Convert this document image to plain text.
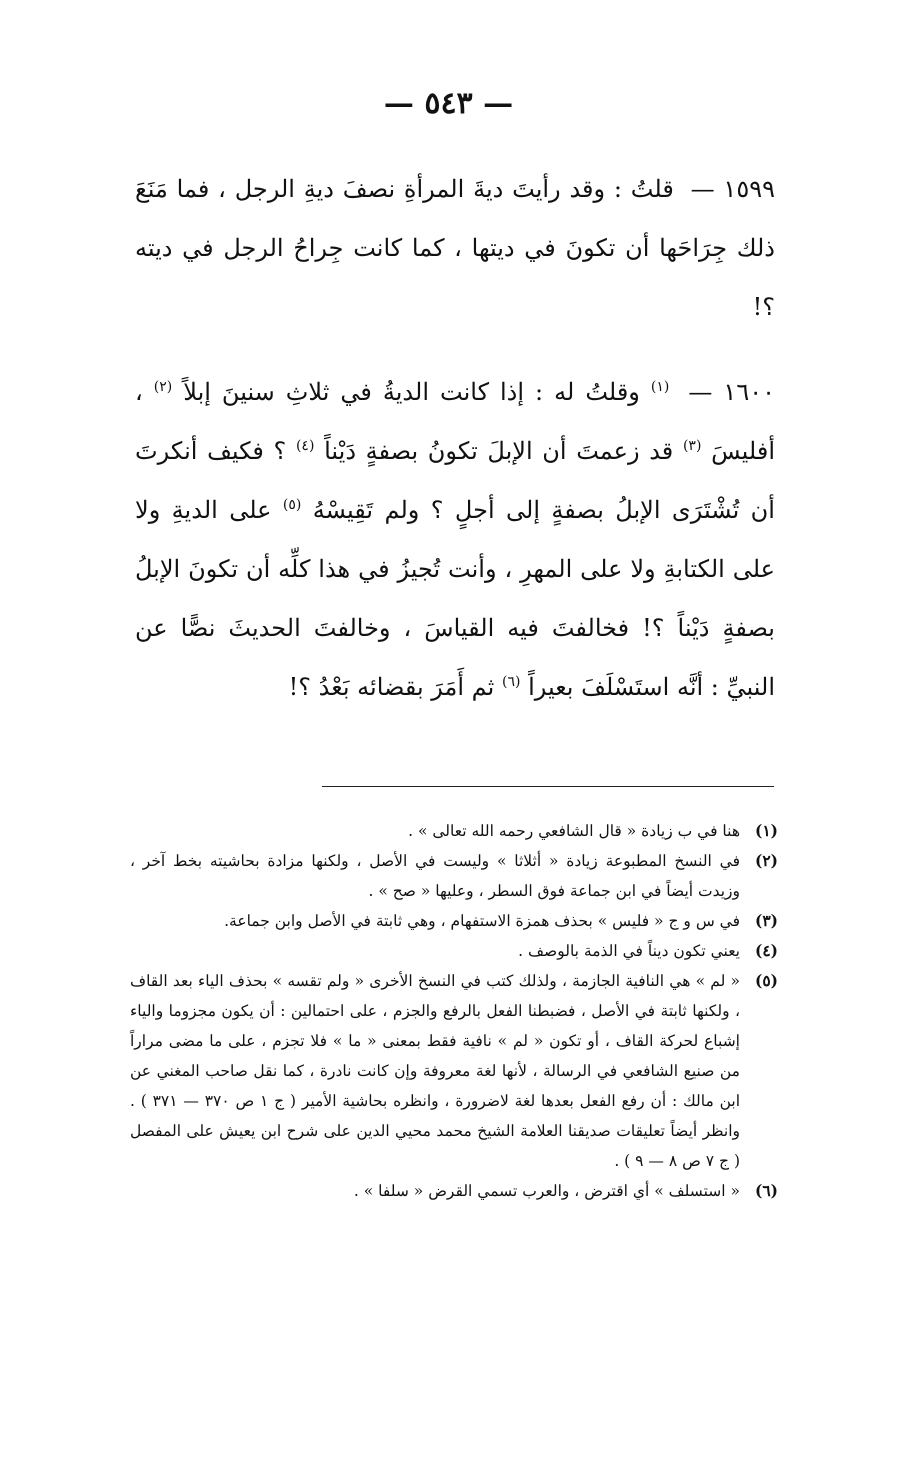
— ٥٤٣ —

١٥٩٩ — قلتُ : وقد رأيتَ ديةَ المرأةِ نصفَ ديةِ الرجل ، فما مَنَعَ ذلك جِرَاحَها أن تكونَ في ديتها ، كما كانت جِراحُ الرجل في ديته ؟!

١٦٠٠ — $^{(١)}$ وقلتُ له : إذا كانت الديةُ في ثلاثِ سنينَ إبلاً $^{(٢)}$ ، أفليسَ $^{(٣)}$ قد زعمتَ أن الإبلَ تكونُ بصفةٍ دَيْناً $^{(٤)}$ ؟ فكيف أنكرتَ أن تُشْتَرَى الإبلُ بصفةٍ إلى أجلٍ ؟ ولم تَقِيسْهُ $^{(٥)}$ على الديةِ ولا على الكتابةِ ولا على المهرِ ، وأنت تُجيزُ في هذا كلِّه أن تكونَ الإبلُ بصفةٍ دَيْناً ؟! فخالفتَ فيه القياسَ ، وخالفتَ الحديثَ نصًّا عن النبيِّ : أنَّه استَسْلَفَ بعيراً $^{(٦)}$ ثم أَمَرَ بقضائه بَعْدُ ؟!

(١)
هنا في ب زيادة « قال الشافعي رحمه الله تعالى » .
(٢)
في النسخ المطبوعة زيادة « أثلاثا » وليست في الأصل ، ولكنها مزادة بحاشيته بخط آخر ، وزيدت أيضاً في ابن جماعة فوق السطر ، وعليها « صح » .
(٣)
في س و ج « فليس » بحذف همزة الاستفهام ، وهي ثابتة في الأصل وابن جماعة.
(٤)
يعني تكون ديناً في الذمة بالوصف .
(٥)
« لم » هي النافية الجازمة ، ولذلك كتب في النسخ الأخرى « ولم تقسه » بحذف الياء بعد القاف ، ولكنها ثابتة في الأصل ، فضبطنا الفعل بالرفع والجزم ، على احتمالين : أن يكون مجزوما والياء إشباع لحركة القاف ، أو تكون « لم » نافية فقط بمعنى « ما » فلا تجزم ، على ما مضى مراراً من صنيع الشافعي في الرسالة ، لأنها لغة معروفة وإن كانت نادرة ، كما نقل صاحب المغني عن ابن مالك : أن رفع الفعل بعدها لغة لاضرورة ، وانظره بحاشية الأمير ( ج ١ ص ٣٧٠ — ٣٧١ ) . وانظر أيضاً تعليقات صديقنا العلامة الشيخ محمد محيي الدين على شرح ابن يعيش على المفصل ( ج ٧ ص ٨ — ٩ ) .
(٦)
« استسلف » أي اقترض ، والعرب تسمي القرض « سلفا » .
